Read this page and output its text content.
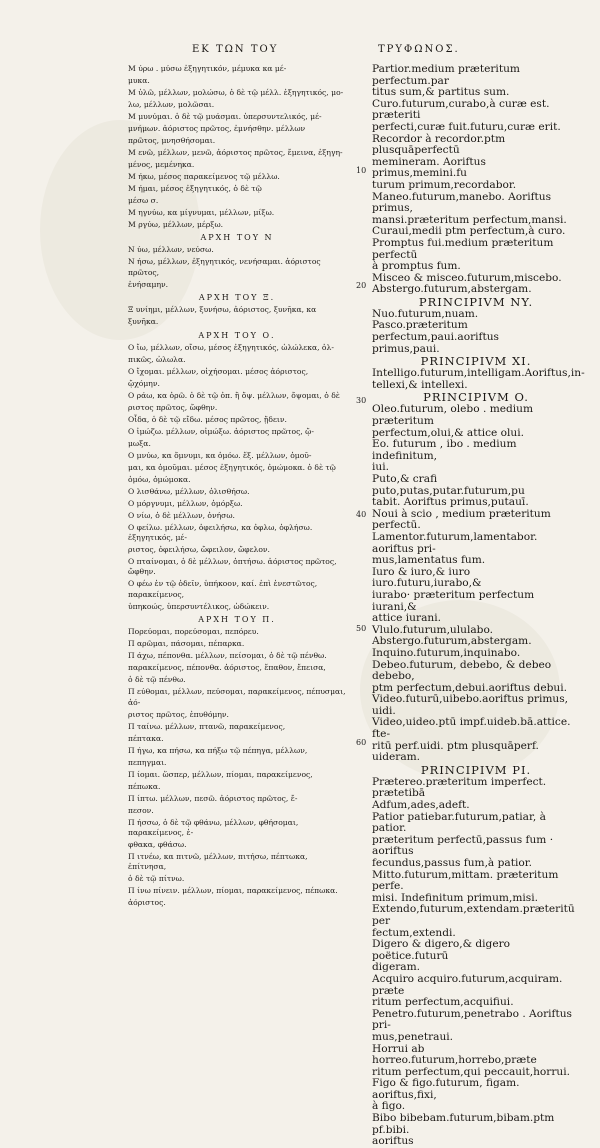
ΕΚ ΤΩΝ ΤΟΥ	ΤΡΥΦΩΝΟΣ.
Μ ύρω . μύσω ἐξηγητικόν, μέμυκα κα μέ-
μυκα.
Μ ὑλῶ, μέλλων, μολώσω, ὁ δὲ τῷ μέλλ. ἐξηγητικός, μο-
λω, μέλλων, μολῶσαι.
Μ μυνύμαι. ὁ δὲ τῷ μυάσμαι. ὑπερσυντελικός, μέ-
μνήμων. ἀόριστος πρῶτος, ἐμνήσθην. μέλλων
πρῶτος, μνησθήσομαι.
Μ ενῶ, μέλλων, μενῶ, ἀόριστος πρῶτος, ἔμεινα, ἐξηγη-
μένος, μεμένηκα.
Μ ήκω, μέσος παρακείμενος τῷ μέλλω.
Μ ήμαι, μέσος ἐξηγητικός, ὁ δὲ τῷ
μέσω σ.
Μ ηγνύω, κα μίγνυμαι, μέλλων, μίξω.
Μ ργύω, μέλλων, μέρξω.
ΑΡΧΗ ΤΟΥ Ν
Ν ύω, μέλλων, νεύσω.
Ν ήσω, μέλλων, ἐξηγητικός, νενήσαμαι. ἀόριστος πρῶτος,
ἐνήσαμην.
ΑΡΧΗ ΤΟΥ Ξ.
Ξ υνίημι, μέλλων, ξυνήσω, ἀόριστος, ξυνῆκα, κα
ξυνῆκα.
ΑΡΧΗ ΤΟΥ Ο.
Ο ἴω, μέλλων, οἴσω, μέσος ἐξηγητικός, ὠλώλεκα, ὀλ-
πικῶς, ὠλωλα.
Ο ἴχομαι. μέλλων, οἰχήσομαι. μέσος ἀόριστος,
ᾤχόμην.
Ο ράω, κα ὁρῶ. ὁ δὲ τῷ ὀπ. ἢ ὄψ. μέλλων, ὄψομαι, ὁ δὲ
ριστος πρῶτος, ὤφθην.
Οἶδα, ὁ δὲ τῷ εἴδω. μέσος πρῶτος, ᾔδειν.
Ο ἰμώζω. μέλλων, οἰμώξω. ἀόριστος πρῶτος, ᾤ-
μωξα.
Ο μνύω, κα ὄμνυμι, κα ὀμόω. ἕξ. μέλλων, ὀμοῦ-
μαι, κα ὀμοῦμαι. μέσος ἐξηγητικός, ὀμώμοκα. ὁ δὲ τῷ
ὀμόω, ὀμώμοκα.
Ο λισθάνω, μέλλων, ὀλισθήσω.
Ο μόργνυμι, μέλλων, ὀμόρξω.
Ο νίω, ὁ δὲ μέλλων, ὀνήσω.
Ο φείλω. μέλλων, ὀφειλήσω, κα ὀφλω, ὀφλήσω. ἐξηγητικός, μέ-
ριστος, ὀφειλήσω, ὤφειλον, ὤφελον.
Ο πταίνομαι, ὁ δὲ μέλλων, ὀπτήσω. ἀόριστος πρῶτος, ὤφθην.
Ο φέω ἐν τῷ ὁδεῖν, ὑπήκοον, καί. ἐπὶ ἐνεστῶτος, παρακείμενος,
ὑπηκοώς, ὑπερσυντέλικος, ὠδώκειν.
ΑΡΧΗ ΤΟΥ Π.
Πορεύομαι, πορεύσομαι, πεπόρευ.
Π αρῶμαι, πάσομαι, πέπαρκα.
Π άχω, πέπονθα. μέλλων, πείσομαι, ὁ δὲ τῷ πένθω.
παρακείμενος, πέπονθα. ἀόριστος, ἔπαθον, ἔπεισα,
ὁ δὲ τῷ πένθω.
Π εύθομαι, μέλλων, πεύσομαι, παρακείμενος, πέπυσμαι, ἀό-
ριστος πρῶτος, ἐπυθόμην.
Π ταίνω. μέλλων, πτανῶ, παρακείμενος,
πέπτακα.
Π ήγω, κα πήσω, κα πήξω τῷ πέπηγα, μέλλων,
πεπηγμαι.
Π ίομαι. ὥσπερ, μέλλων, πίομαι, παρακείμενος,
πέπωκα.
Π ίπτω. μέλλων, πεσῶ. ἀόριστος πρῶτος, ἔ-
πεσον.
Π ήσσω, ὁ δὲ τῷ φθάνω, μέλλων, φθήσομαι, παρακείμενος, ἐ-
φθακα, φθάσω.
Π ιτνέω, κα πιτνῶ, μέλλων, πιτήσω, πέπτωκα, ἐπίτνησα,
ὁ δὲ τῷ πίτνω.
Π ίνω πίνειν. μέλλων, πίομαι, παρακείμενος, πέπωκα.
ἀόριστος.
Partior.medium præteritum perfectum.par
titus sum,& partitus sum.
Curo.futurum,curabo,à curæ est. præteriti
perfecti,curæ fuit.futuru,curæ erit.
Recordor à recordor.ptm plusquāperfectū
memineram. Aoriftus primus,memini.fu
turum primum,recordabor.
Maneo.futurum,manebo. Aoriftus primus,
mansi.præteritum perfectum,mansi.
Curaui,medii ptm perfectum,à curo.
Promptus fui.medium præteritum perfectū
à promptus fum.
Misceo & misceo.futurum,miscebo.
Abstergo.futurum,abstergam.
PRINCIPIVM NY.
Nuo.futurum,nuam.
Pasco.præteritum perfectum,paui.aoriftus
primus,paui.
PRINCIPIVM XI.
Intelligo.futurum,intelligam.Aoriftus,in-
tellexi,& intellexi.
PRINCIPIVM O.
Oleo.futurum, olebo . medium præteritum
perfectum,olui,& attice olui.
Eo. futurum , ibo . medium indefinitum,
iui.
Puto,& crafi puto,putas,putar.futurum,pu
tabit. Aoriftus primus,putauī.
Noui à scio , medium præteritum perfectū.
Lamentor.futurum,lamentabor. aoriftus pri-
mus,lamentatus fum.
Iuro & iuro,& iuro iuro.futuru,iurabo,&
iurabo· præteritum perfectum iurani,&
attice iurani.
Vlulo.futurum,ululabo.
Abstergo.futurum,abstergam.
Inquino.futurum,inquinabo.
Debeo.futurum, debebo, & debeo debebo,
ptm perfectum,debui.aoriftus debui.
Video.futurū,uibebo.aoriftus primus, uidi.
Video,uideo.ptū impf.uideb.bā.attice. fte-
ritū perf.uidi. ptm plusquāperf. uideram.
PRINCIPIVM PI.
Prætereo.præteritum imperfect. prætetibā
Adfum,ades,adeft.
Patior patiebar.futurum,patiar, à patior.
præteritum perfectū,passus fum · aoriftus
fecundus,passus fum,à patior.
Mitto.futurum,mittam. præteritum perfe.
misi. Indefinitum primum,misi.
Extendo,futurum,extendam.præteritū per
fectum,extendi.
Digero & digero,& digero poëtice.futurū
digeram.
Acquiro acquiro.futurum,acquiram. præte
ritum perfectum,acquifiui.
Penetro.futurum,penetrabo . Aoriftus pri-
mus,penetraui.
Horrui ab horreo.futurum,horrebo,præte
ritum perfectum,qui peccauit,horrui.
Figo & figo.futurum, figam. aoriftus,fixi,
à figo.
Bibo bibebam.futurum,bibam.ptm pf.bibi.
aoriftus
10
20
30
40
50
60
